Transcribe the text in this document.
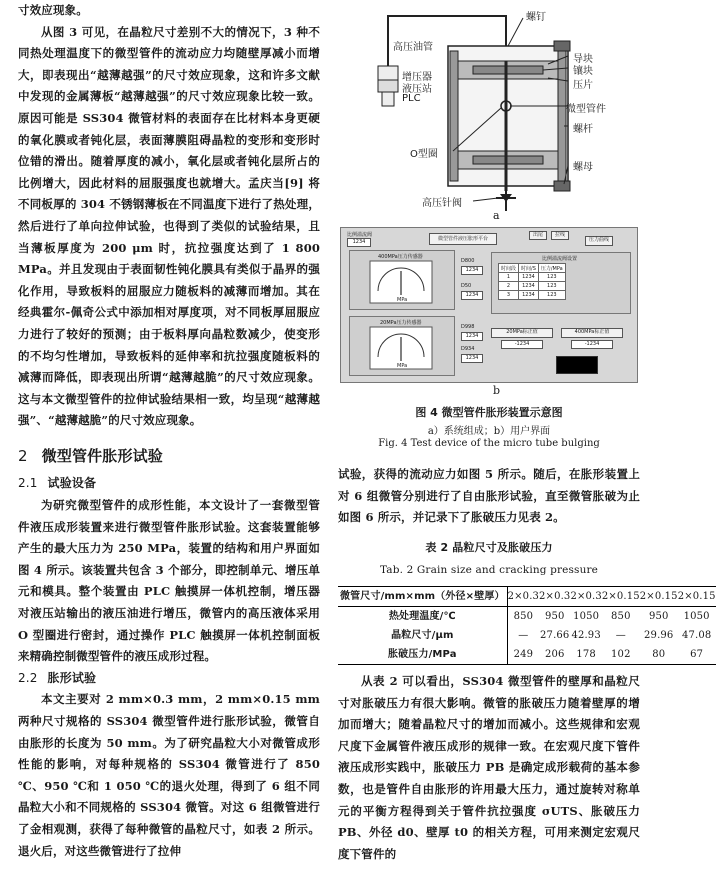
寸效应现象。

从图 3 可见，在晶粒尺寸差别不大的情况下，3 种不同热处理温度下的微型管件的流动应力均随壁厚减小而增大，即表现出“越薄越强”的尺寸效应现象，这和许多文献中发现的金属薄板“越薄越强”的尺寸效应现象比较一致。原因可能是 SS304 微管材料的表面存在比材料本身更硬的氧化膜或者钝化层，表面薄膜阻碍晶粒的变形和变形时位错的滑出。随着厚度的减小，氧化层或者钝化层所占的比例增大，因此材料的屈服强度也就增大。孟庆当[9] 将不同板厚的 304 不锈钢薄板在不同温度下进行了热处理，然后进行了单向拉伸试验，也得到了类似的试验结果，且当薄板厚度为 200 μm 时，抗拉强度达到了 1 800 MPa。并且发现由于表面韧性钝化膜具有类似于晶界的强化作用，导致板料的屈服应力随板料的减薄而增加。其在经典霍尔-佩奇公式中添加相对厚度项，对不同板厚屈服应力进行了较好的预测；由于板料厚向晶粒数减少，使变形的不均匀性增加，导致板料的延伸率和抗拉强度随板料的减薄而降低，即表现出所谓“越薄越脆”的尺寸效应现象。这与本文微型管件的拉伸试验结果相一致，均呈现“越薄越强”、“越薄越脆”的尺寸效应现象。

2 微型管件胀形试验
2.1 试验设备

为研究微型管件的成形性能，本文设计了一套微型管件液压成形装置来进行微型管件胀形试验。这套装置能够产生的最大压力为 250 MPa，装置的结构和用户界面如图 4 所示。该装置共包含 3 个部分，即控制单元、增压单元和模具。整个装置由 PLC 触摸屏一体机控制，增压器对液压站输出的液压油进行增压，微管内的高压液体采用 O 型圈进行密封，通过操作 PLC 触摸屏一体机控制面板来精确控制微型管件的液压成形过程。

2.2 胀形试验

本文主要对 2 mm×0.3 mm，2 mm×0.15 mm 两种尺寸规格的 SS304 微型管件进行胀形试验，微管自由胀形的长度为 50 mm。为了研究晶粒大小对微管成形性能的影响，对每种规格的 SS304 微管进行了 850 ℃、950 ℃和 1 050 ℃的退火处理，得到了 6 组不同晶粒大小和不同规格的 SS304 微管。对这 6 组微管进行了金相观测，获得了每种微管的晶粒尺寸，如表 2 所示。退火后，对这些微管进行了拉伸

螺钉
高压油管
导块
镶块
压片
增压器
液压站
PLC
微型管件
O型圈
螺杆
螺母
高压针阀
a
比例溢流阀
1234	微型管件液压胀形平台
出尾	拉线
压力曲线
400MPa压力传感器
MPa
20MPa压力传感器
MPa
D800
1234
D50
1234
D998
1234
D934
1234
比例溢流阀设置
时间段	时间/S	压力/MPa
1	1234	123
2	1234	123
3	1234	123
20MPa标正值	400MPa标正值
-1234	-1234
b
图 4 微型管件胀形装置示意图
a）系统组成；b）用户界面
Fig. 4 Test device of the micro tube bulging

试验，获得的流动应力如图 5 所示。随后，在胀形装置上对 6 组微管分别进行了自由胀形试验，直至微管胀破为止如图 6 所示，并记录下了胀破压力见表 2。

表 2 晶粒尺寸及胀破压力
Tab. 2 Grain size and cracking pressure
微管尺寸/mm×mm（外径×壁厚）	2×0.3	2×0.3	2×0.3	2×0.15	2×0.15	2×0.15
热处理温度/℃	850	950	1050	850	950	1050
晶粒尺寸/μm	—	27.66	42.93	—	29.96	47.08
胀破压力/MPa	249	206	178	102	80	67

从表 2 可以看出，SS304 微型管件的壁厚和晶粒尺寸对胀破压力有很大影响。微管的胀破压力随着壁厚的增加而增大；随着晶粒尺寸的增加而减小。这些规律和宏观尺度下金属管件液压成形的规律一致。在宏观尺度下管件液压成形实践中，胀破压力 PB 是确定成形载荷的基本参数，也是管件自由胀形的许用最大压力，通过旋转对称单元的平衡方程得到关于管件抗拉强度 σUTS、胀破压力 PB、外径 d0、壁厚 t0 的相关方程，可用来测定宏观尺度下管件的
